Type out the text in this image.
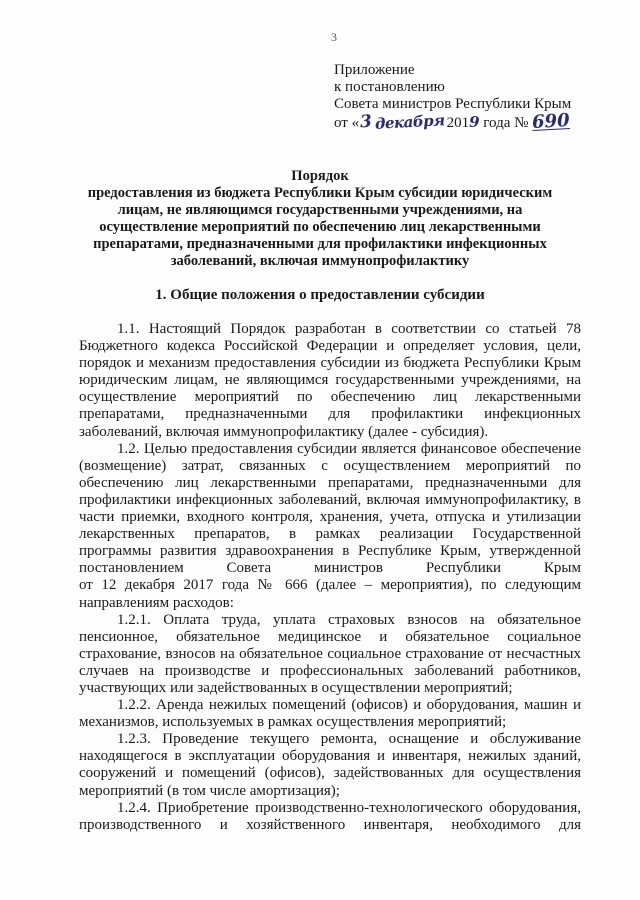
3
Приложение
к постановлению
Совета министров Республики Крым
от «3 декабря 2019 года № 690
Порядок
предоставления из бюджета Республики Крым субсидии юридическим
лицам, не являющимся государственными учреждениями, на
осуществление мероприятий по обеспечению лиц лекарственными
препаратами, предназначенными для профилактики инфекционных
заболеваний, включая иммунопрофилактику
1. Общие положения о предоставлении субсидии
1.1. Настоящий Порядок разработан в соответствии со статьей 78
Бюджетного кодекса Российской Федерации и определяет условия, цели,
порядок и механизм предоставления субсидии из бюджета Республики Крым
юридическим лицам, не являющимся государственными учреждениями, на
осуществление мероприятий по обеспечению лиц лекарственными
препаратами, предназначенными для профилактики инфекционных
заболеваний, включая иммунопрофилактику (далее - субсидия).
1.2. Целью предоставления субсидии является финансовое обеспечение
(возмещение) затрат, связанных с осуществлением мероприятий по
обеспечению лиц лекарственными препаратами, предназначенными для
профилактики инфекционных заболеваний, включая иммунопрофилактику, в
части приемки, входного контроля, хранения, учета, отпуска и утилизации
лекарственных препаратов, в рамках реализации Государственной
программы развития здравоохранения в Республике Крым, утвержденной
постановлением Совета министров Республики Крым
от 12 декабря 2017 года № 666 (далее – мероприятия), по следующим
направлениям расходов:
1.2.1. Оплата труда, уплата страховых взносов на обязательное
пенсионное, обязательное медицинское и обязательное социальное
страхование, взносов на обязательное социальное страхование от несчастных
случаев на производстве и профессиональных заболеваний работников,
участвующих или задействованных в осуществлении мероприятий;
1.2.2. Аренда нежилых помещений (офисов) и оборудования, машин и
механизмов, используемых в рамках осуществления мероприятий;
1.2.3. Проведение текущего ремонта, оснащение и обслуживание
находящегося в эксплуатации оборудования и инвентаря, нежилых зданий,
сооружений и помещений (офисов), задействованных для осуществления
мероприятий (в том числе амортизация);
1.2.4. Приобретение производственно-технологического оборудования,
производственного и хозяйственного инвентаря, необходимого для
